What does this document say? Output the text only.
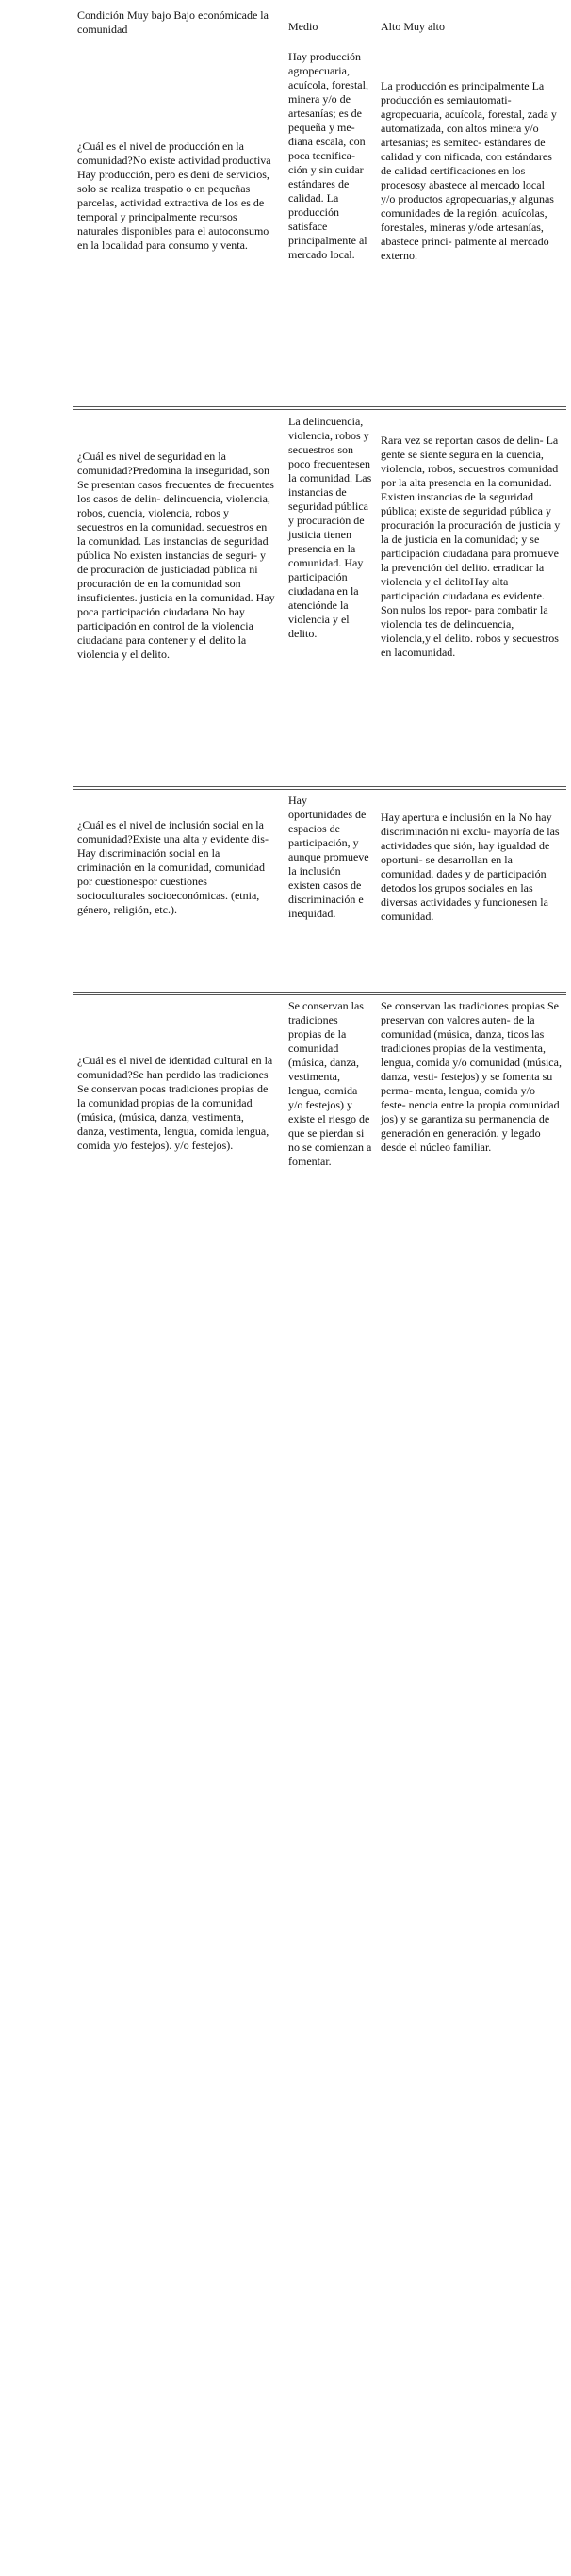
Condición Muy bajo Bajo económicade la comunidad	Medio	Alto Muy alto
¿Cuál es el nivel de producción en la comunidad?No existe actividad productiva Hay producción, pero es deni de servicios, solo se realiza traspatio o en pequeñas parcelas, actividad extractiva de los es de temporal y principalmente recursos naturales disponibles para el autoconsumo en la localidad para consumo y venta.
Hay producción agropecuaria, acuícola, forestal, minera y/o de artesanías; es de pequeña y me- diana escala, con poca tecnifica- ción y sin cuidar estándares de calidad. La producción satisface principalmente al mercado local.
La producción es principalmente La producción es semiautomati- agropecuaria, acuícola, forestal, zada y automatizada, con altos minera y/o artesanías; es semitec- estándares de calidad y con nificada, con estándares de calidad certificaciones en los procesosy abastece al mercado local y/o productos agropecuarias,y algunas comunidades de la región. acuícolas, forestales, mineras y/ode artesanías, abastece princi- palmente al mercado externo.
¿Cuál es nivel de seguridad en la comunidad?Predomina la inseguridad, son Se presentan casos frecuentes de frecuentes los casos de delin- delincuencia, violencia, robos, cuencia, violencia, robos y secuestros en la comunidad. secuestros en la comunidad. Las instancias de seguridad pública No existen instancias de seguri- y de procuración de justiciadad pública ni procuración de en la comunidad son insuficientes. justicia en la comunidad. Hay poca participación ciudadana No hay participación en control de la violencia ciudadana para contener y el delito la violencia y el delito.
La delincuencia, violencia, robos y secuestros son poco frecuentesen la comunidad. Las instancias de seguridad pública y procuración de justicia tienen presencia en la comunidad. Hay participación ciudadana en la atenciónde la violencia y el delito.
Rara vez se reportan casos de delin- La gente se siente segura en la cuencia, violencia, robos, secuestros comunidad por la alta presencia en la comunidad. Existen instancias de la seguridad pública; existe de seguridad pública y procuración la procuración de justicia y la de justicia en la comunidad; y se participación ciudadana para promueve la prevención del delito. erradicar la violencia y el delitoHay alta participación ciudadana es evidente. Son nulos los repor- para combatir la violencia tes de delincuencia, violencia,y el delito. robos y secuestros en lacomunidad.
¿Cuál es el nivel de inclusión social en la comunidad?Existe una alta y evidente dis- Hay discriminación social en la criminación en la comunidad, comunidad por cuestionespor cuestiones socioculturales socioeconómicas. (etnia, género, religión, etc.).
Hay oportunidades de espacios de participación, y aunque promueve la inclusión existen casos de discriminación e inequidad.
Hay apertura e inclusión en la No hay discriminación ni exclu- mayoría de las actividades que sión, hay igualdad de oportuni- se desarrollan en la comunidad. dades y de participación detodos los grupos sociales en las diversas actividades y funcionesen la comunidad.
¿Cuál es el nivel de identidad cultural en la comunidad?Se han perdido las tradiciones Se conservan pocas tradiciones propias de la comunidad propias de la comunidad (música, (música, danza, vestimenta, danza, vestimenta, lengua, comida lengua, comida y/o festejos). y/o festejos).
Se conservan las tradiciones propias de la comunidad (música, danza, vestimenta, lengua, comida y/o festejos) y existe el riesgo de que se pierdan si no se comienzan a fomentar.
Se conservan las tradiciones propias Se preservan con valores auten- de la comunidad (música, danza, ticos las tradiciones propias de la vestimenta, lengua, comida y/o comunidad (música, danza, vesti- festejos) y se fomenta su perma- menta, lengua, comida y/o feste- nencia entre la propia comunidad jos) y se garantiza su permanencia de generación en generación. y legado desde el núcleo familiar.
